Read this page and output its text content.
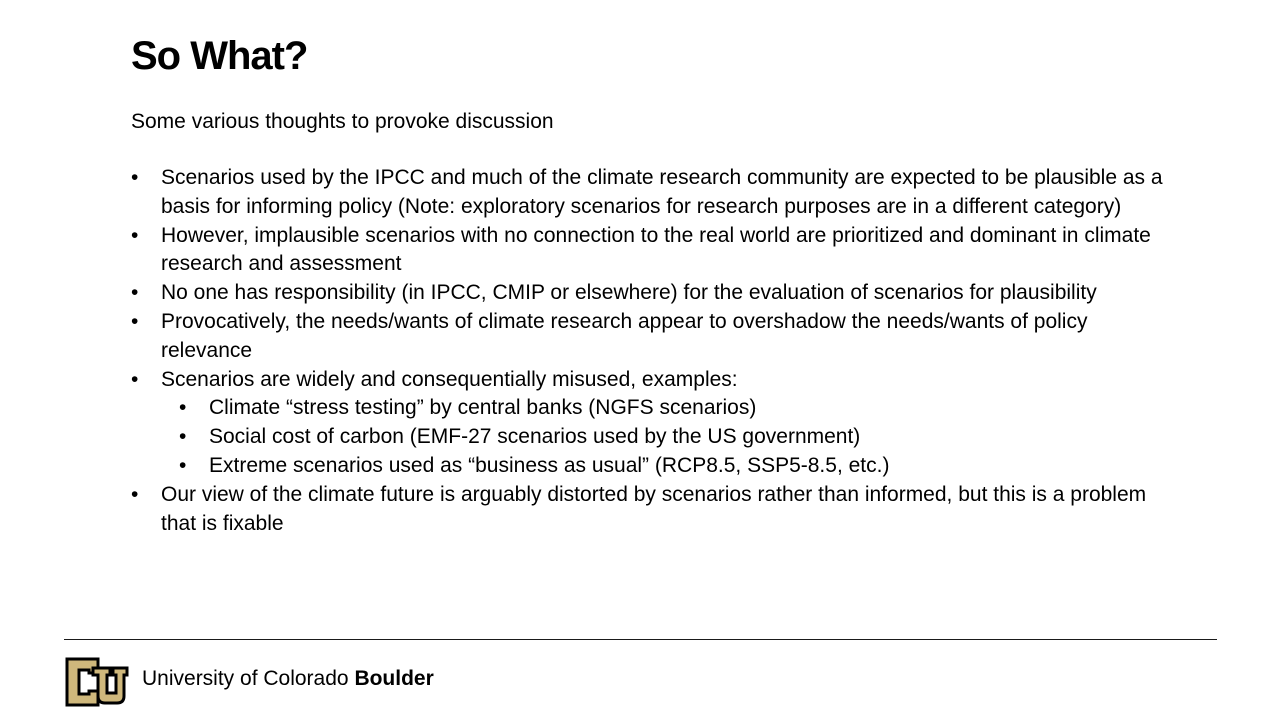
So What?
Some various thoughts to provoke discussion
•	Scenarios used by the IPCC and much of the climate research community are expected to be plausible as a basis for informing policy (Note: exploratory scenarios for research purposes are in a different category)
•	However, implausible scenarios with no connection to the real world are prioritized and dominant in climate research and assessment
•	No one has responsibility (in IPCC, CMIP or elsewhere) for the evaluation of scenarios for plausibility
•	Provocatively, the needs/wants of climate research appear to overshadow the needs/wants of policy relevance
•	Scenarios are widely and consequentially misused, examples:
•	Climate “stress testing” by central banks (NGFS scenarios)
•	Social cost of carbon (EMF-27 scenarios used by the US government)
•	Extreme scenarios used as “business as usual” (RCP8.5, SSP5-8.5, etc.)
•	Our view of the climate future is arguably distorted by scenarios rather than informed, but this is a problem that is fixable
University of Colorado Boulder
